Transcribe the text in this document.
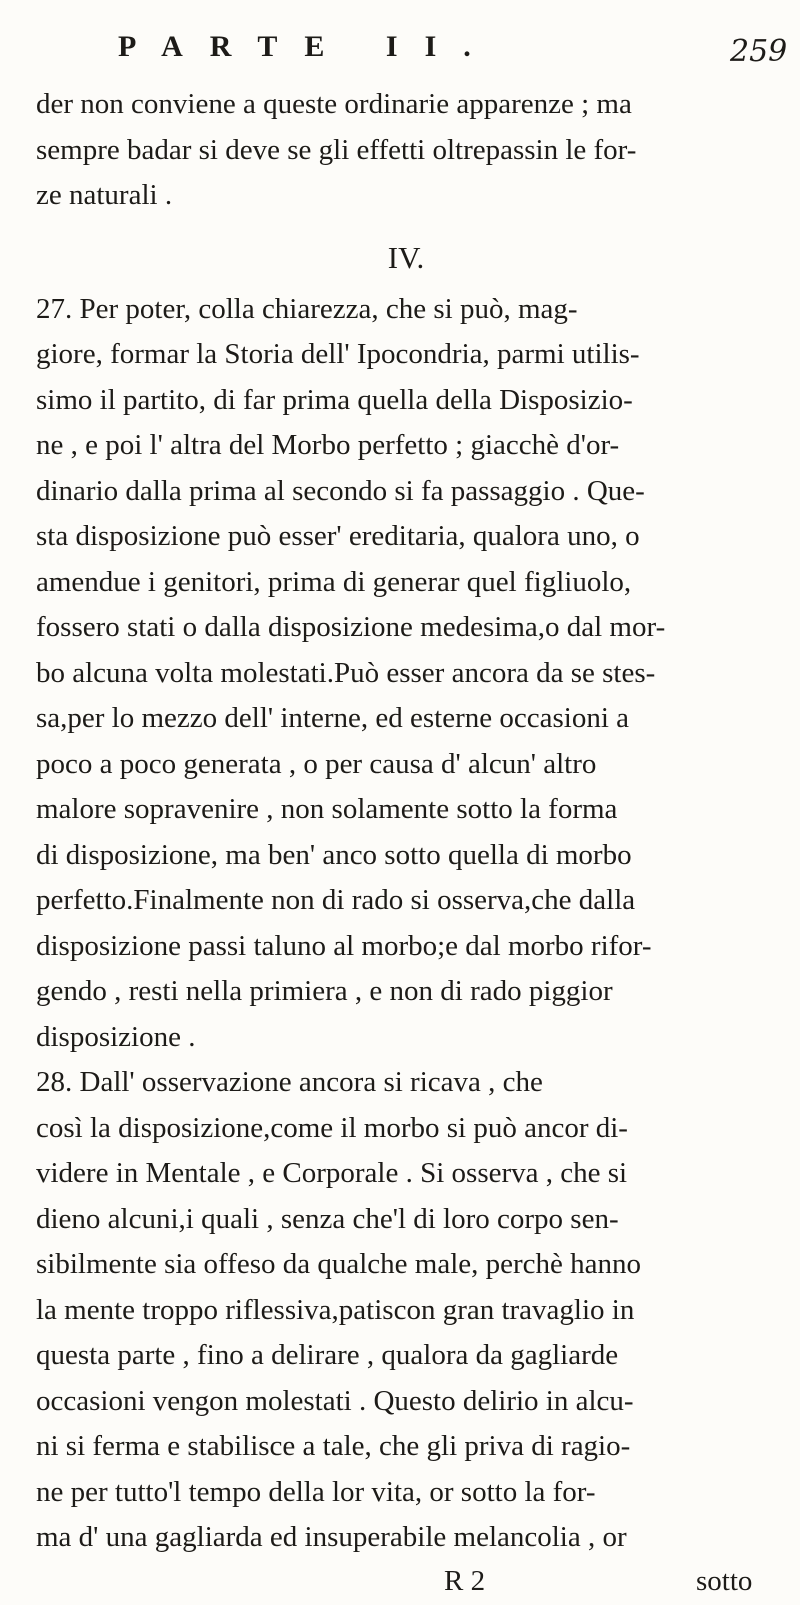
PARTE II.	259
der non conviene a queste ordinarie apparenze ; ma
sempre badar si deve se gli effetti oltrepassin le for-
ze naturali .
IV.
27. Per poter, colla chiarezza, che si può, mag-
giore, formar la Storia dell' Ipocondria, parmi utilis-
simo il partito, di far prima quella della Disposizio-
ne , e poi l' altra del Morbo perfetto ; giacchè d'or-
dinario dalla prima al secondo si fa passaggio . Que-
sta disposizione può esser' ereditaria, qualora uno, o
amendue i genitori, prima di generar quel figliuolo,
fossero stati o dalla disposizione medesima,o dal mor-
bo alcuna volta molestati.Può esser ancora da se stes-
sa,per lo mezzo dell' interne, ed esterne occasioni a
poco a poco generata , o per causa d' alcun' altro
malore sopravenire , non solamente sotto la forma
di disposizione, ma ben' anco sotto quella di morbo
perfetto.Finalmente non di rado si osserva,che dalla
disposizione passi taluno al morbo;e dal morbo rifor-
gendo , resti nella primiera , e non di rado piggior
disposizione .
28. Dall' osservazione ancora si ricava , che
così la disposizione,come il morbo si può ancor di-
videre in Mentale , e Corporale . Si osserva , che si
dieno alcuni,i quali , senza che'l di loro corpo sen-
sibilmente sia offeso da qualche male, perchè hanno
la mente troppo riflessiva,patiscon gran travaglio in
questa parte , fino a delirare , qualora da gagliarde
occasioni vengon molestati . Questo delirio in alcu-
ni si ferma e stabilisce a tale, che gli priva di ragio-
ne per tutto'l tempo della lor vita, or sotto la for-
ma d' una gagliarda ed insuperabile melancolia , or
R 2	sotto
